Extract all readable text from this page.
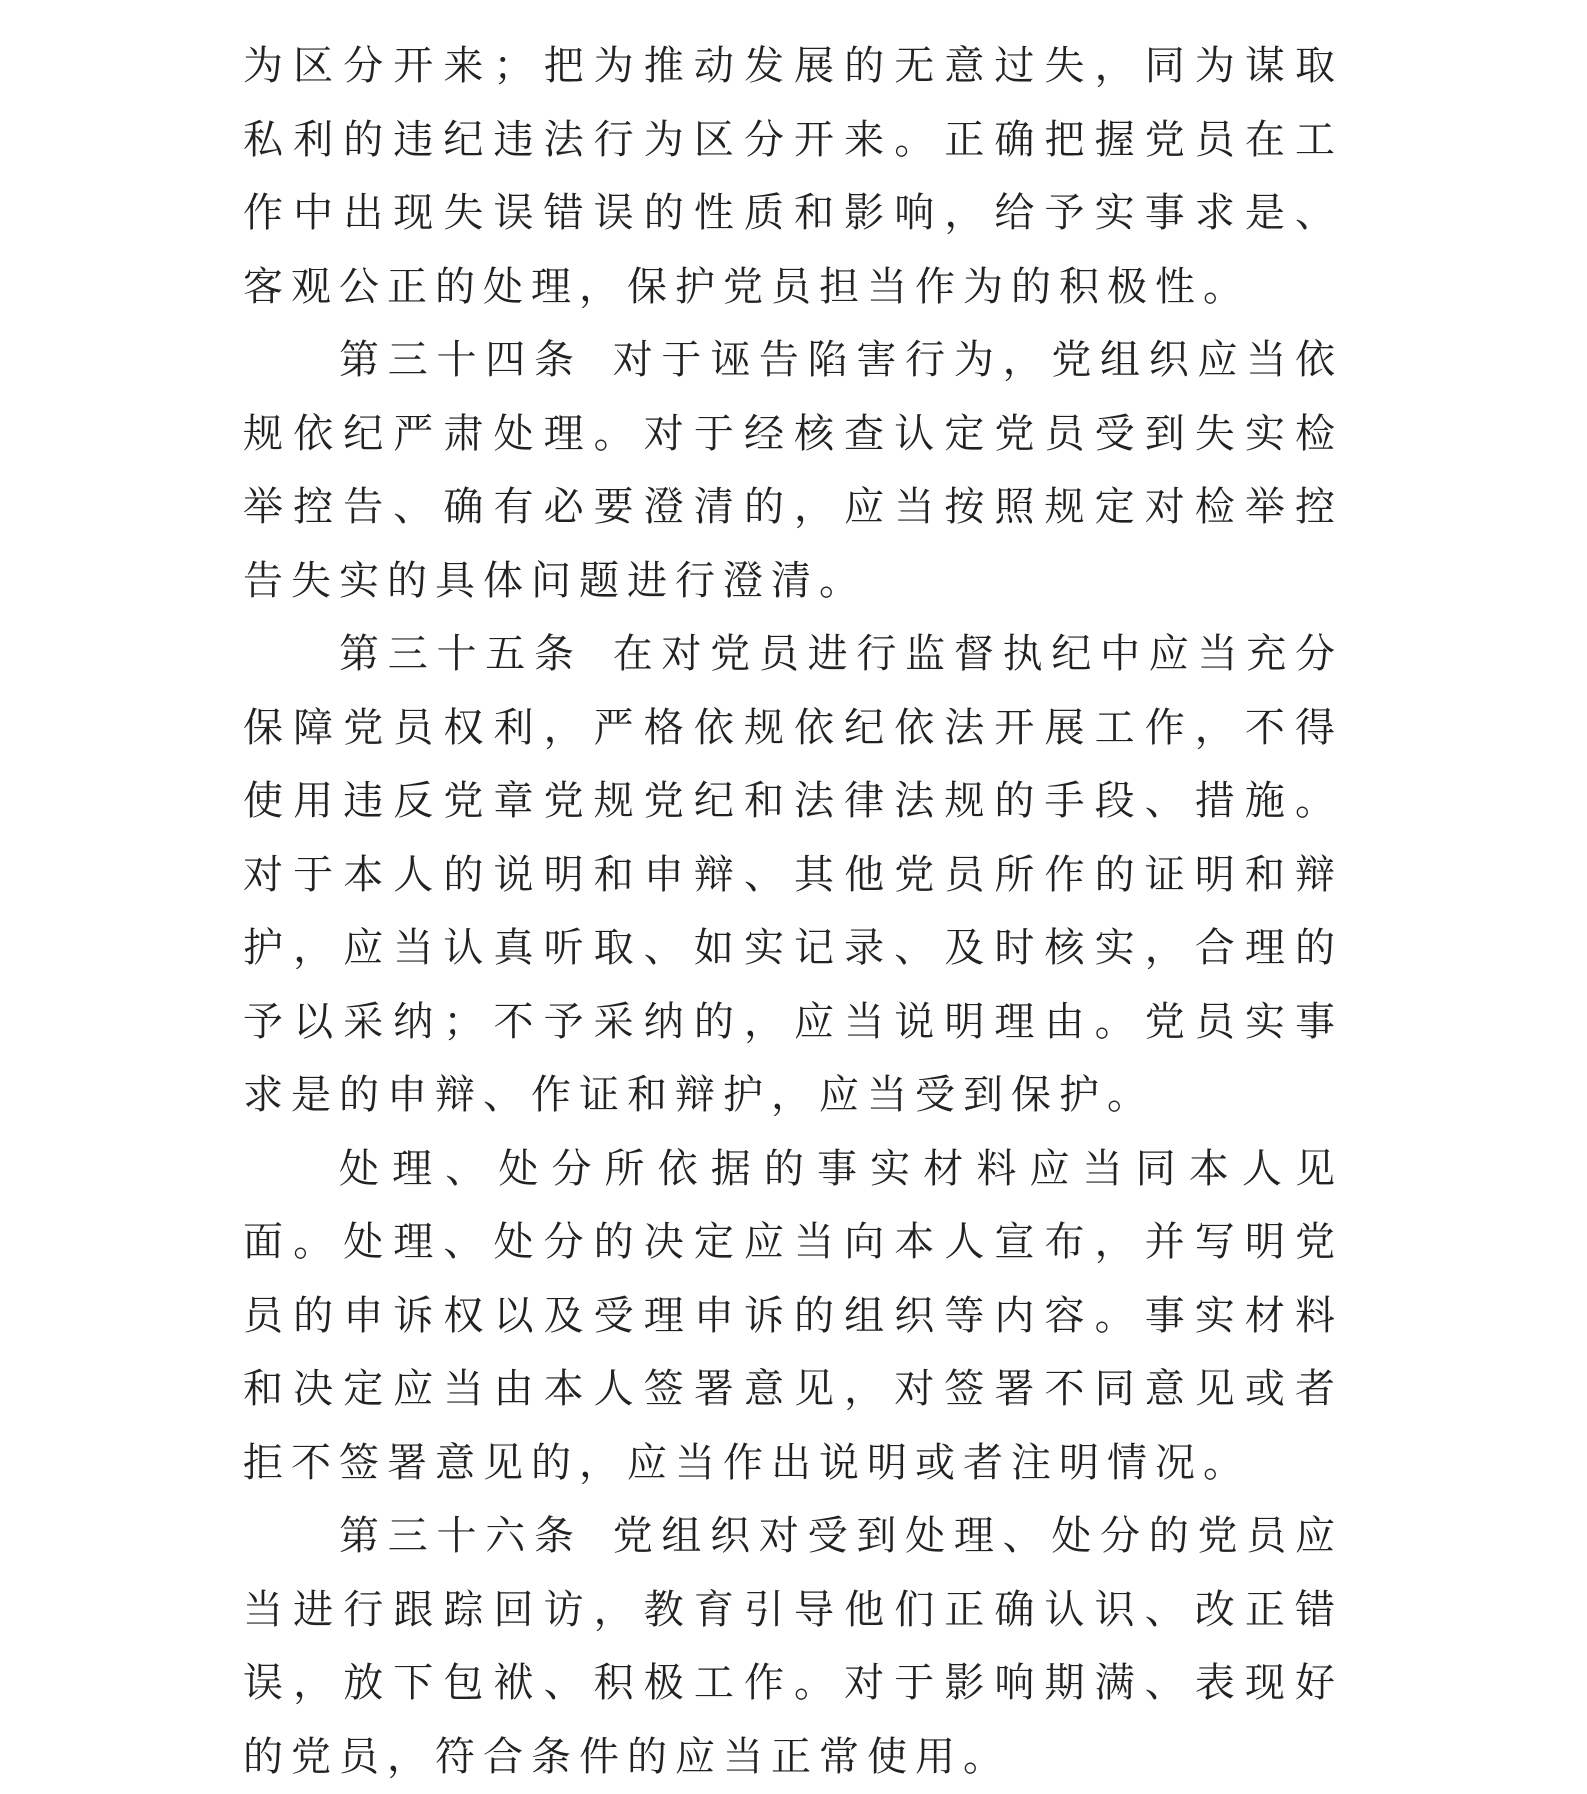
为区分开来；把为推动发展的无意过失，同为谋取私利的违纪违法行为区分开来。正确把握党员在工作中出现失误错误的性质和影响，给予实事求是、客观公正的处理，保护党员担当作为的积极性。

第三十四条 对于诬告陷害行为，党组织应当依规依纪严肃处理。对于经核查认定党员受到失实检举控告、确有必要澄清的，应当按照规定对检举控告失实的具体问题进行澄清。

第三十五条 在对党员进行监督执纪中应当充分保障党员权利，严格依规依纪依法开展工作，不得使用违反党章党规党纪和法律法规的手段、措施。对于本人的说明和申辩、其他党员所作的证明和辩护，应当认真听取、如实记录、及时核实，合理的予以采纳；不予采纳的，应当说明理由。党员实事求是的申辩、作证和辩护，应当受到保护。

处理、处分所依据的事实材料应当同本人见面。处理、处分的决定应当向本人宣布，并写明党员的申诉权以及受理申诉的组织等内容。事实材料和决定应当由本人签署意见，对签署不同意见或者拒不签署意见的，应当作出说明或者注明情况。

第三十六条 党组织对受到处理、处分的党员应当进行跟踪回访，教育引导他们正确认识、改正错误，放下包袱、积极工作。对于影响期满、表现好的党员，符合条件的应当正常使用。
